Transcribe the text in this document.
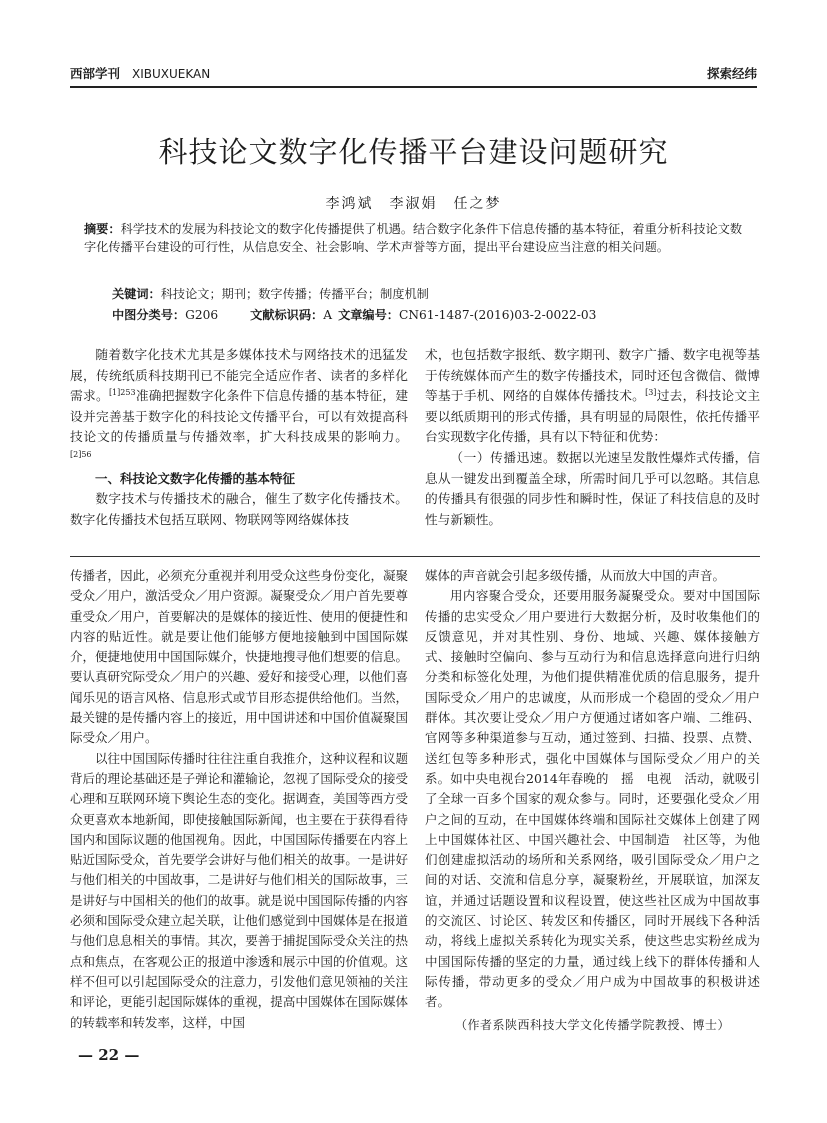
西部学刊 XIBUXUEKAN	探索经纬
科技论文数字化传播平台建设问题研究
李鸿斌　李淑娟　任之梦
摘要：科学技术的发展为科技论文的数字化传播提供了机遇。结合数字化条件下信息传播的基本特征，着重分析科技论文数字化传播平台建设的可行性，从信息安全、社会影响、学术声誉等方面，提出平台建设应当注意的相关问题。
关键词：科技论文；期刊；数字传播；传播平台；制度机制
中图分类号：G206	文献标识码：A 文章编号：CN61-1487-(2016)03-2-0022-03

随着数字化技术尤其是多媒体技术与网络技术的迅猛发展，传统纸质科技期刊已不能完全适应作者、读者的多样化需求。$^{[1]253}$准确把握数字化条件下信息传播的基本特征，建设并完善基于数字化的科技论文传播平台，可以有效提高科技论文的传播质量与传播效率，扩大科技成果的影响力。$^{[2]56}$

一、科技论文数字化传播的基本特征

数字技术与传播技术的融合，催生了数字化传播技术。数字化传播技术包括互联网、物联网等网络媒体技

术，也包括数字报纸、数字期刊、数字广播、数字电视等基于传统媒体而产生的数字传播技术，同时还包含微信、微博等基于手机、网络的自媒体传播技术。[3]过去，科技论文主要以纸质期刊的形式传播，具有明显的局限性，依托传播平台实现数字化传播，具有以下特征和优势：

（一）传播迅速。数据以光速呈发散性爆炸式传播，信息从一键发出到覆盖全球，所需时间几乎可以忽略。其信息的传播具有很强的同步性和瞬时性，保证了科技信息的及时性与新颖性。

传播者，因此，必须充分重视并利用受众这些身份变化，凝聚受众／用户，激活受众／用户资源。凝聚受众／用户首先要尊重受众／用户，首要解决的是媒体的接近性、使用的便捷性和内容的贴近性。就是要让他们能够方便地接触到中国国际媒介，便捷地使用中国国际媒介，快捷地搜寻他们想要的信息。要认真研究际受众／用户的兴趣、爱好和接受心理，以他们喜闻乐见的语言风格、信息形式或节目形态提供给他们。当然，最关键的是传播内容上的接近，用中国讲述和中国价值凝聚国际受众／用户。

以往中国国际传播时往往注重自我推介，这种议程和议题背后的理论基础还是子弹论和灌输论，忽视了国际受众的接受心理和互联网环境下舆论生态的变化。据调查，美国等西方受众更喜欢本地新闻，即使接触国际新闻，也主要在于获得看待国内和国际议题的他国视角。因此，中国国际传播要在内容上贴近国际受众，首先要学会讲好与他们相关的故事。一是讲好与他们相关的中国故事，二是讲好与他们相关的国际故事，三是讲好与中国相关的他们的故事。就是说中国国际传播的内容必须和国际受众建立起关联，让他们感觉到中国媒体是在报道与他们息息相关的事情。其次，要善于捕捉国际受众关注的热点和焦点，在客观公正的报道中渗透和展示中国的价值观。这样不但可以引起国际受众的注意力，引发他们意见领袖的关注和评论，更能引起国际媒体的重视，提高中国媒体在国际媒体的转载率和转发率，这样，中国

媒体的声音就会引起多级传播，从而放大中国的声音。

用内容聚合受众，还要用服务凝聚受众。要对中国国际传播的忠实受众／用户要进行大数据分析，及时收集他们的反馈意见，并对其性别、身份、地域、兴趣、媒体接触方式、接触时空偏向、参与互动行为和信息选择意向进行归纳分类和标签化处理，为他们提供精准优质的信息服务，提升国际受众／用户的忠诚度，从而形成一个稳固的受众／用户群体。其次要让受众／用户方便通过诸如客户端、二维码、官网等多种渠道参与互动，通过签到、扫描、投票、点赞、送红包等多种形式，强化中国媒体与国际受众／用户的关系。如中央电视台2014年春晚的　摇　电视　活动，就吸引了全球一百多个国家的观众参与。同时，还要强化受众／用户之间的互动，在中国媒体终端和国际社交媒体上创建了网上中国媒体社区、中国兴趣社会、中国制造　社区等，为他们创建虚拟活动的场所和关系网络，吸引国际受众／用户之间的对话、交流和信息分享，凝聚粉丝，开展联谊，加深友谊，并通过话题设置和议程设置，使这些社区成为中国故事的交流区、讨论区、转发区和传播区，同时开展线下各种活动，将线上虚拟关系转化为现实关系，使这些忠实粉丝成为中国国际传播的坚定的力量，通过线上线下的群体传播和人际传播，带动更多的受众／用户成为中国故事的积极讲述者。

（作者系陕西科技大学文化传播学院教授、博士）
— 22 —
